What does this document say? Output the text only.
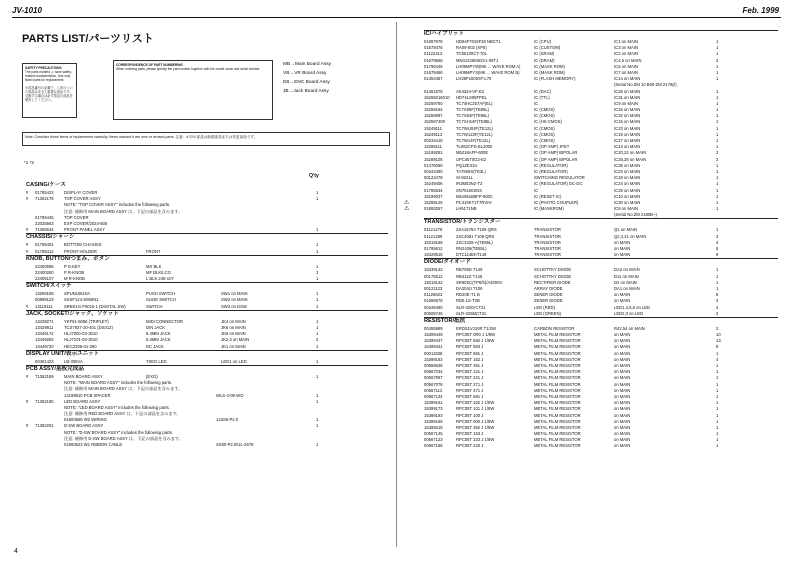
JV-1010	Feb. 1999
PARTS LIST/パーツリスト
SAFETY PRECAUTIONS
The parts marked ⚠ have safety-related characteristics. Use only listed parts for replacement.
※部品番号の記載で、△印のついた部品は安全上重要な部品です。交換する場合は必ず指定の部品を使用してください。
CORRESPONDENCE OF PART NUMBERING
When ordering parts, please specify the part number together with the model name and serial number.
MB→Main Board Assy
VB→VR Board Assy
EB→ENC Board Assy
JB→Jack Board Assy
Note: Consider those items of replacement carefully. Items marked # are new or revised parts. 注意：# 印の部品は新規部品または変更部品です。
*1 *2
Q'ty
CASING/ケース
#	01785423	DISPLAY COVER	1
#	71362178	TOP COVER ASSY	1
NOTE: "TOP COVER ASSY" includes the following parts.
注意: 補修用 MAIN BOARD ASSY は、下記の部品を含みます。
01785445	TOP COVER
22025563	EXP COVER/2024-505
#	71365534	FRONT PANEL ASSY	1
CHASSIS/シャーシ
#	01785401	BOTTOM CHASSIS	1
#	01785412	FRONT HOLDER	FRONT	1
KNOB, BUTTON/つまみ、ボタン
22400595	P S-KEY	MX BLK	1
22400260	P R-KNOB	MF BLK/LCG	3
22405107	M R-KNOB	L BLK 248-107	1
SWITCH/スイッチ
13259169	SPUN10610A	PUSH SWITCH	SW1 on MAIN	1
00899123	SSSF124-S060N1	SLIDE SWITCH	SW2 on MAIN	1
#	13119111	SRBS1G-F0015-1 (DIGITAL SW)	SWITCH	SW3 on DSW	1
JACK, SOCKET/ジャック、ソケット
13429271	YKF51-5066 (TRIPLET)	MIDI CONNECTOR	JK4 on MAIN	1
13429911	TCS7927-20-401 (DS412)	DIN JACK	JK5 on MAIN	1
13449172	HLJ7000-03-3010	6.3MM JACK	JK6 on MAIN	1
13449283	HLJ7101-03-3010	6.3MM JACK	JK2,3 on MAIN	2
13449720	HEC2305-01-250	DC JACK	JK1 on MAIN	1
DISPLAY UNIT/表示ユニット
00451423	LB-305VA	7SEG LED	LED1 on LED	1
PCB ASSY/基板完成品
#	71362189	MAIN BOARD ASSY	(EXG)	1
NOTE: "MAIN BOARD ASSY" includes the following parts.
注意: 補修用 MAIN BOARD ASSY は、下記の部品を含みます。
12189810 PCB SPACER	WLS-4-09-WO	1
#	71362190	LED BOARD ASSY	1
NOTE: "LED BOARD ASSY" includes the following parts.
注意: 補修用 RED BOARD ASSY は、下記の部品を含みます。
01893565 W2 WIRING	143S5-P2.0	1
#	71362201	D-SW BOARD ASSY	1
NOTE: "D-SW BOARD ASSY" includes the following parts.
注意: 補修用 D-SW BOARD ASSY は、下記の部品を含みます。
01893523 W1 RIBBON CABLE	SX50-P2.0/UL-2678	1
IC/ハイブリット
01897978	HD64F7016F28 NBCT1	IC (CPU)	IC1 on MAIN	1
01679478	RA09-002 (XP6)	IC (CUSTOM)	IC3 on MAIN	1
01122412	TC55100CT-70L	IC (SRAM)	IC2 on MAIN	1
01679556	MN414260SDS1-06T1	IC (DRAM)	IC4,5 on MAIN	2
01796445	LH09MPYW(MK ... WAVE ROM A)	IC (MASK ROM)	IC6 on MAIN	1
01679456	LH09MPYS(MK ... WAVE ROM B)	IC (MASK ROM)	IC7 on MAIN	1
01454467	LH28F160S5T-L70	IC (FLASH MEMORY)	IC14 on MAIN	1
(Serial No.ZM 10 B00-ZM 2179yl)
01451578	AK4324-VF-E2	IC (DAC)	IC26 on MAIN	1
15269216010	HD74LS05FPEL	IC (TTL)	IC31 on MAIN	1
15259780	TC74HC257AF(EL)	IC	IC9 on MAIN	1
15259184	TC7S08F(TE85L)	IC (CMOS)	IC16 on MAIN	1
15259087	TC7S04F(TE85L)	IC (CMOS)	IC32 on MAIN	1
152597400	TC7SH14F(TE85L)	IC (HS-CMOS)	IC15 on MAIN	1
15249111	TC7WU04F(TE12L)	IC (CMOS)	IC23 on MAIN	1
15249112	TC7W123F(TE12L)	IC (CMOS)	IC19 on MAIN	1
00234415	TC7W14F(TE12L)	IC (CMOS)	IC27 on MAIN	1
15289111	TL062CPS-EL2000	IC (OP AMP) JFET	IC14 on MAIN	1
15199261	M5218AFP-600E	IC (OP AMP) BIPOLAR	IC20,22 on MAIN	2
15289105	UPC4570G2-E2	IC (OP AMP) BIPOLAR	IC25,28 on MAIN	2
01476050	PQ1ZE31U	IC (REGULATOR)	IC35 on MAIN	1
00344390	TA7805S(TE3L)	IC (REGULATOR)	IC23 on MAIN	1
00122478	SI-8221L	SWITCHING REGULATOR	IC18 on MAIN	1
15249406	IR3M03N2-T2	IC (REGULATOR) DC-DC	IC24 on MAIN	1
01785534	SN75160SNS	IC	IC29 on MAIN	1
15199037	M51951B8FP-600C	IC (RESET IC)	IC10 on MAIN	1
⚠	15289125	PC410KT1T7RVAY	IC (PHOTO COUPLER)	IC30 on MAIN	1
⚠	01893267	LH5171NB	IC (MASKROM)	IC8 on MAIN	1
(Serial No.ZM 2180B~)
TRANSISTOR/トランジスター
01121278	2SA1576A T106 QRS	TRANSISTOR	Q1 on MAIN	1
01121289	2SC4081 T106 QRS	TRANSISTOR	Q2,4,21 on MAIN	3
15319168	2SC3326-A(TE85L)	TRANSISTOR	on MAIN	4
01785612	RN2426(TE85L)	TRANSISTOR	on MAIN	8
15329516	DTC114EKT146	TRANSISTOR	on MAIN	9
DIODE/ダイオード
15339142	RB705D T146	SCHOTTKY DIODE	DA2 on MAIN	1
00175512	RB411D T146	SCHOTTKY DIODE	D11 on MAIN	1
15019142	SR60SC(TP8/5)/A4000V	RECTIFIER DIODE	D2 on MAIN	1
00121123	DA204U T106	ARRAY DIODE	DA1 on MAIN	1
01126623	RD20E-T1 B	ZENER DIODE	on MAIN	6
01565678	RD5.1S-T2B	ZENER DIODE	on MAIN	4
00348490	SLR-325VCT31	LED (RED)	LED1,4,5,6 on LED	4
00505745	SLR-325MCT31	LED (GREEN)	LED2,3 on LED	2
RESISTOR/抵抗
00455989	ERDS1VJ10R T1/2W	CARBON RESISTOR	R42,54 on MAIN	2
15399449	RPC05T 0R0 J 1/8W	METAL FILM RESISTOR	on MAIN	10
15399437	RPC05T 682 J 1/8W	METAL FILM RESISTOR	on MAIN	13
15399441	RPC05T 683 J	METAL FILM RESISTOR	on MAIN	8
00011838	RPC05T 681 J	METAL FILM RESISTOR	on MAIN	1
15399183	RPC05T 152 J	METAL FILM RESISTOR	on MAIN	4
00569636	RPC05T 391 J	METAL FILM RESISTOR	on MAIN	1
00567034	RPC05T 121 J	METAL FILM RESISTOR	on MAIN	1
00567067	RPC05T 221 J	METAL FILM RESISTOR	on MAIN	1
00567078	RPC05T 271 J	METAL FILM RESISTOR	on MAIN	1
00567112	RPC05T 471 J	METAL FILM RESISTOR	on MAIN	1
00567134	RPC05T 681 J	METAL FILM RESISTOR	on MAIN	1
15399161	RPC05T 102 J 1/8W	METAL FILM RESISTOR	on MAIN	1
15399173	RPC05T 101 J 1/8W	METAL FILM RESISTOR	on MAIN	1
15399193	RPC05T 100 J	METAL FILM RESISTOR	on MAIN	1
15399169	RPC05T 000 J 1/8W	METAL FILM RESISTOR	on MAIN	1
15399218	RPC05T 392 J 1/8W	METAL FILM RESISTOR	on MAIN	1
00567145	RPC05T 153 J	METAL FILM RESISTOR	on MAIN	1
00567123	RPC05T 333 J 1/8W	METAL FILM RESISTOR	on MAIN	1
00567156	RPC05T 220 J	METAL FILM RESISTOR	on MAIN	1
4
